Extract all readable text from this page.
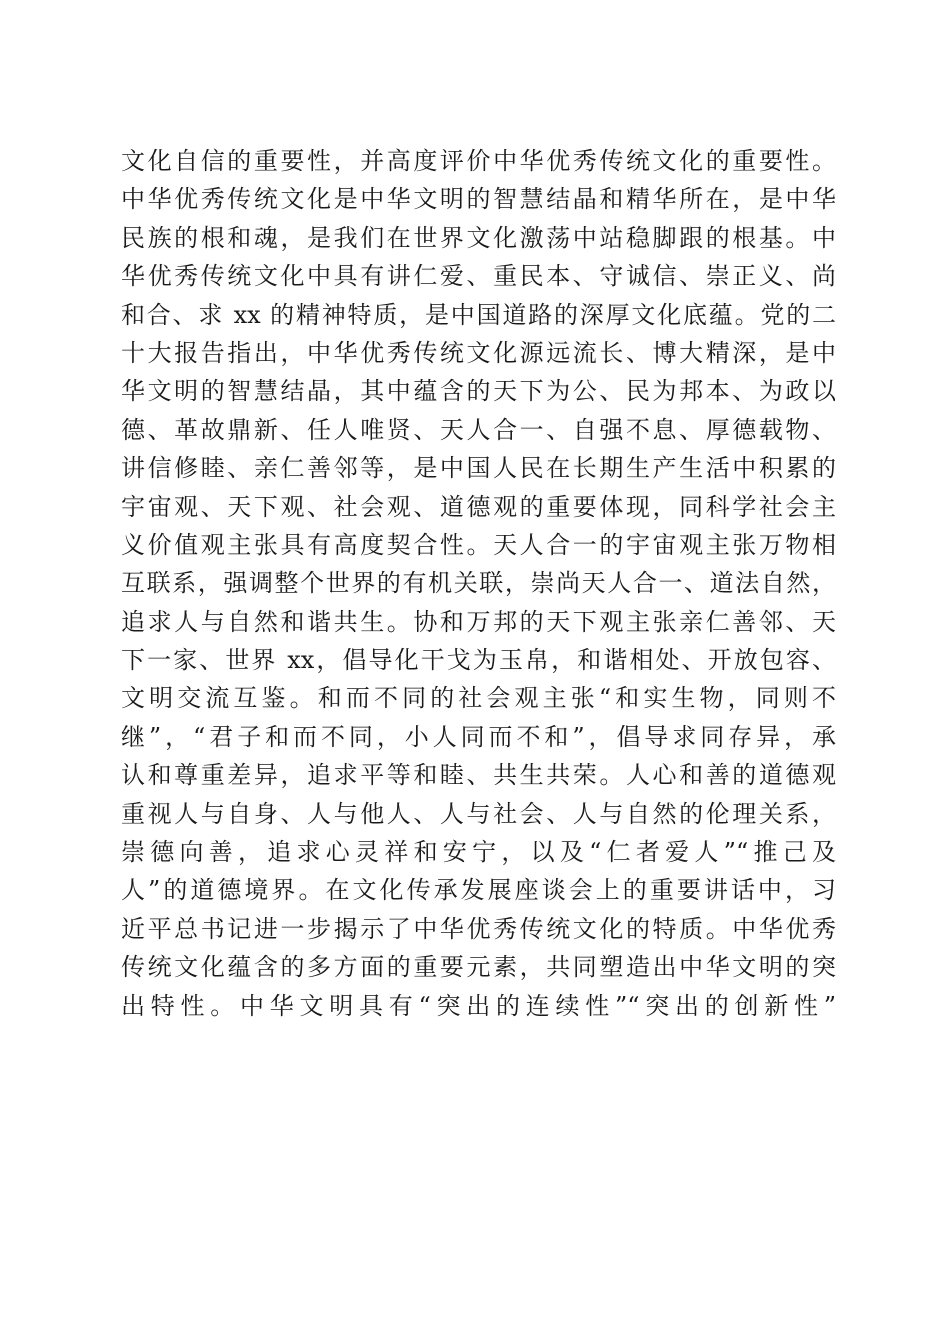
文化自信的重要性，并高度评价中华优秀传统文化的重要性。
中华优秀传统文化是中华文明的智慧结晶和精华所在，是中华
民族的根和魂，是我们在世界文化激荡中站稳脚跟的根基。中
华优秀传统文化中具有讲仁爱、重民本、守诚信、崇正义、尚
和合、求 xx 的精神特质，是中国道路的深厚文化底蕴。党的二
十大报告指出，中华优秀传统文化源远流长、博大精深，是中
华文明的智慧结晶，其中蕴含的天下为公、民为邦本、为政以
德、革故鼎新、任人唯贤、天人合一、自强不息、厚德载物、
讲信修睦、亲仁善邻等，是中国人民在长期生产生活中积累的
宇宙观、天下观、社会观、道德观的重要体现，同科学社会主
义价值观主张具有高度契合性。天人合一的宇宙观主张万物相
互联系，强调整个世界的有机关联，崇尚天人合一、道法自然，
追求人与自然和谐共生。协和万邦的天下观主张亲仁善邻、天
下一家、世界 xx，倡导化干戈为玉帛，和谐相处、开放包容、
文明交流互鉴。和而不同的社会观主张“和实生物，同则不
继”，“君子和而不同，小人同而不和”，倡导求同存异，承
认和尊重差异，追求平等和睦、共生共荣。人心和善的道德观
重视人与自身、人与他人、人与社会、人与自然的伦理关系，
崇德向善，追求心灵祥和安宁，以及“仁者爱人”“推己及
人”的道德境界。在文化传承发展座谈会上的重要讲话中，习
近平总书记进一步揭示了中华优秀传统文化的特质。中华优秀
传统文化蕴含的多方面的重要元素，共同塑造出中华文明的突
出特性。中华文明具有“突出的连续性”“突出的创新性”
